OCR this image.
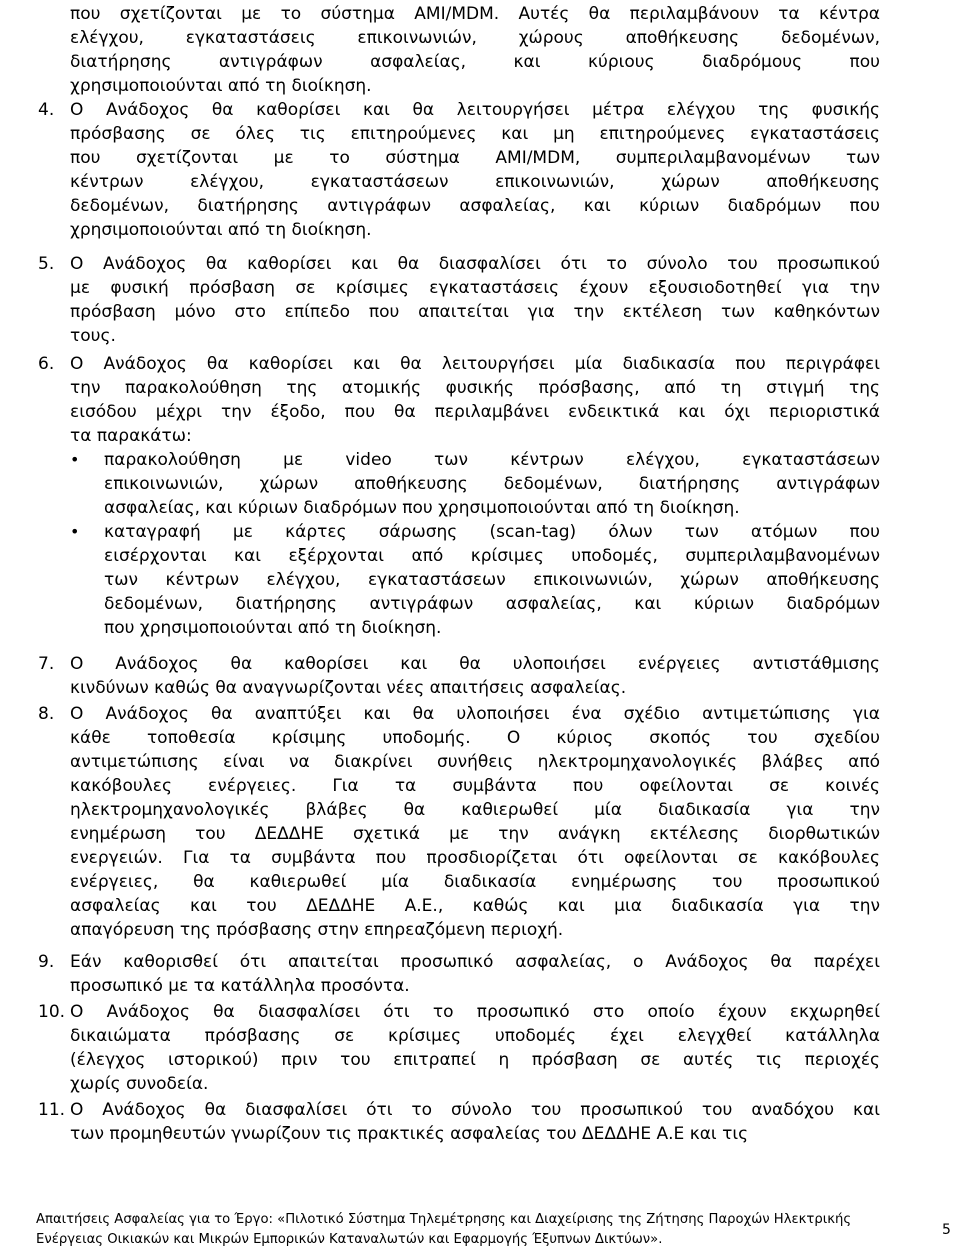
που σχετίζονται με το σύστημα AMI/MDM. Αυτές θα περιλαμβάνουν τα κέντρα
ελέγχου, εγκαταστάσεις επικοινωνιών, χώρους αποθήκευσης δεδομένων,
διατήρησης αντιγράφων ασφαλείας, και κύριους διαδρόμους που
χρησιμοποιούνται από τη διοίκηση.
4. Ο Ανάδοχος θα καθορίσει και θα λειτουργήσει μέτρα ελέγχου της φυσικής
πρόσβασης σε όλες τις επιτηρούμενες και μη επιτηρούμενες εγκαταστάσεις
που σχετίζονται με το σύστημα AMI/MDM, συμπεριλαμβανομένων των
κέντρων ελέγχου, εγκαταστάσεων επικοινωνιών, χώρων αποθήκευσης
δεδομένων, διατήρησης αντιγράφων ασφαλείας, και κύριων διαδρόμων που
χρησιμοποιούνται από τη διοίκηση.
5. Ο Ανάδοχος θα καθορίσει και θα διασφαλίσει ότι το σύνολο του προσωπικού
με φυσική πρόσβαση σε κρίσιμες εγκαταστάσεις έχουν εξουσιοδοτηθεί για την
πρόσβαση μόνο στο επίπεδο που απαιτείται για την εκτέλεση των καθηκόντων
τους.
6. Ο Ανάδοχος θα καθορίσει και θα λειτουργήσει μία διαδικασία που περιγράφει
την παρακολούθηση της ατομικής φυσικής πρόσβασης, από τη στιγμή της
εισόδου μέχρι την έξοδο, που θα περιλαμβάνει ενδεικτικά και όχι περιοριστικά
τα παρακάτω:
• παρακολούθηση με video των κέντρων ελέγχου, εγκαταστάσεων
επικοινωνιών, χώρων αποθήκευσης δεδομένων, διατήρησης αντιγράφων
ασφαλείας, και κύριων διαδρόμων που χρησιμοποιούνται από τη διοίκηση.
• καταγραφή με κάρτες σάρωσης (scan-tag) όλων των ατόμων που
εισέρχονται και εξέρχονται από κρίσιμες υποδομές, συμπεριλαμβανομένων
των κέντρων ελέγχου, εγκαταστάσεων επικοινωνιών, χώρων αποθήκευσης
δεδομένων, διατήρησης αντιγράφων ασφαλείας, και κύριων διαδρόμων
που χρησιμοποιούνται από τη διοίκηση.
7. Ο Ανάδοχος θα καθορίσει και θα υλοποιήσει ενέργειες αντιστάθμισης
κινδύνων καθώς θα αναγνωρίζονται νέες απαιτήσεις ασφαλείας.
8. Ο Ανάδοχος θα αναπτύξει και θα υλοποιήσει ένα σχέδιο αντιμετώπισης για
κάθε τοποθεσία κρίσιμης υποδομής. Ο κύριος σκοπός του σχεδίου
αντιμετώπισης είναι να διακρίνει συνήθεις ηλεκτρομηχανολογικές βλάβες από
κακόβουλες ενέργειες. Για τα συμβάντα που οφείλονται σε κοινές
ηλεκτρομηχανολογικές βλάβες θα καθιερωθεί μία διαδικασία για την
ενημέρωση του ΔΕΔΔΗΕ σχετικά με την ανάγκη εκτέλεσης διορθωτικών
ενεργειών. Για τα συμβάντα που προσδιορίζεται ότι οφείλονται σε κακόβουλες
ενέργειες, θα καθιερωθεί μία διαδικασία ενημέρωσης του προσωπικού
ασφαλείας και του ΔΕΔΔΗΕ Α.Ε., καθώς και μια διαδικασία για την
απαγόρευση της πρόσβασης στην επηρεαζόμενη περιοχή.
9. Εάν καθορισθεί ότι απαιτείται προσωπικό ασφαλείας, ο Ανάδοχος θα παρέχει
προσωπικό με τα κατάλληλα προσόντα.
10. Ο Ανάδοχος θα διασφαλίσει ότι το προσωπικό στο οποίο έχουν εκχωρηθεί
δικαιώματα πρόσβασης σε κρίσιμες υποδομές έχει ελεγχθεί κατάλληλα
(έλεγχος ιστορικού) πριν του επιτραπεί η πρόσβαση σε αυτές τις περιοχές
χωρίς συνοδεία.
11. Ο Ανάδοχος θα διασφαλίσει ότι το σύνολο του προσωπικού του αναδόχου και
των προμηθευτών γνωρίζουν τις πρακτικές ασφαλείας του ΔΕΔΔΗΕ Α.Ε και τις
Απαιτήσεις Ασφαλείας για το Έργο: «Πιλοτικό Σύστημα Τηλεμέτρησης και Διαχείρισης της Ζήτησης Παροχών Ηλεκτρικής
Ενέργειας Οικιακών και Μικρών Εμπορικών Καταναλωτών και Εφαρμογής Έξυπνων Δικτύων».
5
